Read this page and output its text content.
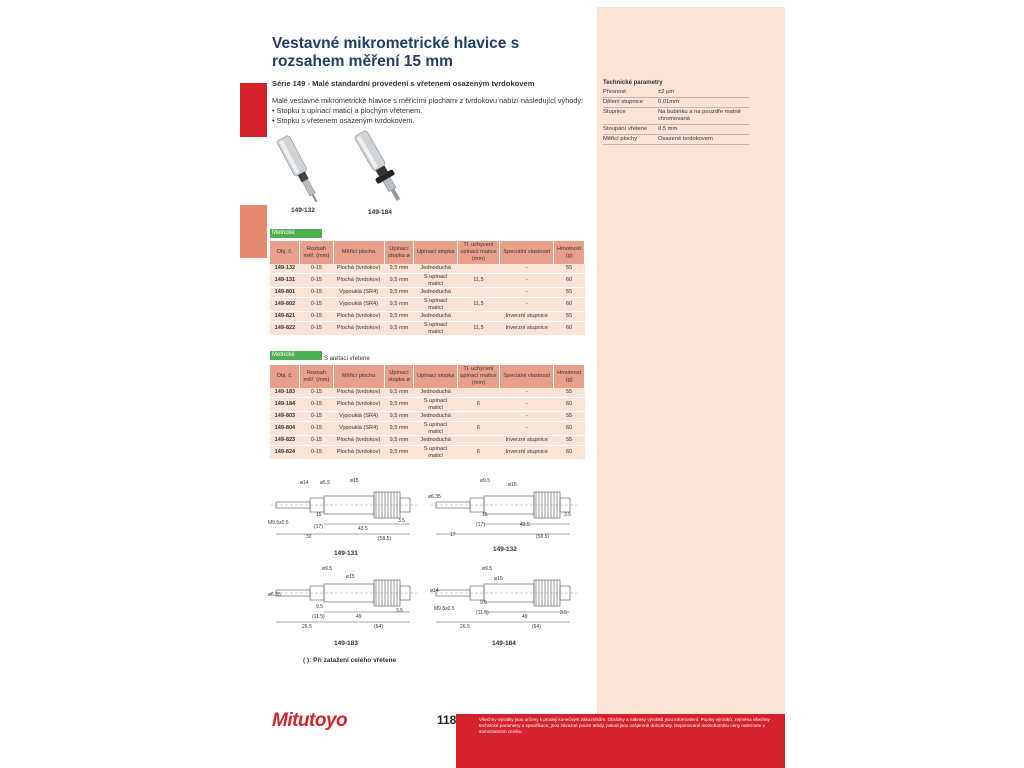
Vestavné mikrometrické hlavice s rozsahem měření 15 mm
Série 149 - Malé standardní provedení s vřetenem osazeným tvrdokovem
Malé vestavné mikrometrické hlavice s měřicími plochami z tvrdokovu nabízí následující výhody:
• Stopku s upínací maticí a plochým vřetenem.
• Stopku s vřetenem osazeným tvrdokovem.
149-132	149-184
Technické parametry
Přesnost	±2 µm
Dělení stupnice	0,01mm
Stupnice	Na bubínku a na pouzdře matně chromovaná
Stoupání vřetene	0,5 mm
Měřicí plochy	Osazené tvrdokovem
Metrické
Obj. č.	Rozsah měř. (mm)	Měřicí plocha	Upínací stopka ø	Upínací stopka	Tl. uchycení upínací matice (mm)	Speciální vlastnost	Hmotnost (g)
149-132	0-15	Plochá (tvrdokov)	9,5 mm	Jednoduchá		-	55
149-131	0-15	Plochá (tvrdokov)	9,5 mm	S upínací maticí	11,5	-	60
149-801	0-15	Vypouklá (SR4)	9,5 mm	Jednoduchá		-	55
149-802	0-15	Vypouklá (SR4)	9,5 mm	S upínací maticí	11,5	-	60
149-821	0-15	Plochá (tvrdokov)	9,5 mm	Jednoduchá		Inverzní stupnice	55
149-822	0-15	Plochá (tvrdokov)	9,5 mm	S upínací maticí	11,5	Inverzní stupnice	60
Metrické
S aretací vřetene
Obj. č.	Rozsah měř. (mm)	Měřicí plocha	Upínací stopka ø	Upínací stopka	Tl. uchycení upínací matice (mm)	Speciální vlastnost	Hmotnost (g)
149-183	0-15	Plochá (tvrdokov)	9,5 mm	Jednoduchá		-	55
149-184	0-15	Plochá (tvrdokov)	9,5 mm	S upínací maticí	6	-	60
149-803	0-15	Vypouklá (SR4)	9,5 mm	Jednoduchá		-	55
149-804	0-15	Vypouklá (SR4)	9,5 mm	S upínací maticí	6	-	60
149-823	0-15	Plochá (tvrdokov)	9,5 mm	Jednoduchá		Inverzní stupnice	55
149-824	0-15	Plochá (tvrdokov)	9,5 mm	S upínací maticí	6	Inverzní stupnice	60
ø14 ø5.5	ø15
M9.5x0.5
15
(17)	43.5
3.5
32	(58.5)
ø9.5
ø6.35
ø15
15
(17)	43.5
3.5
17	(58.5)
ø9.5
ø15
ø6.35
9.5
(11.5)	49
3.5
26.5	(64)
ø9.5
ø15
ø14
M9.5x0.5
9.5
(11.5)
49
3.5
26.5	(64)
149-131
149-132
149-183	149-184
( ): Při zatažení celého vřetene
Mitutoyo	118	Všechny výrobky jsou určeny k prodeji konečným zákazníkům. Obrázky a nákresy výrobků jsou informativní. Popisy výrobků, zejména všechny technické parametry a specifikace, jsou závazné pouze tehdy, pokud jsou vzájemně dohodnuty. Deponované mezioborníku ceny naleznete v samostatném ceníku.
